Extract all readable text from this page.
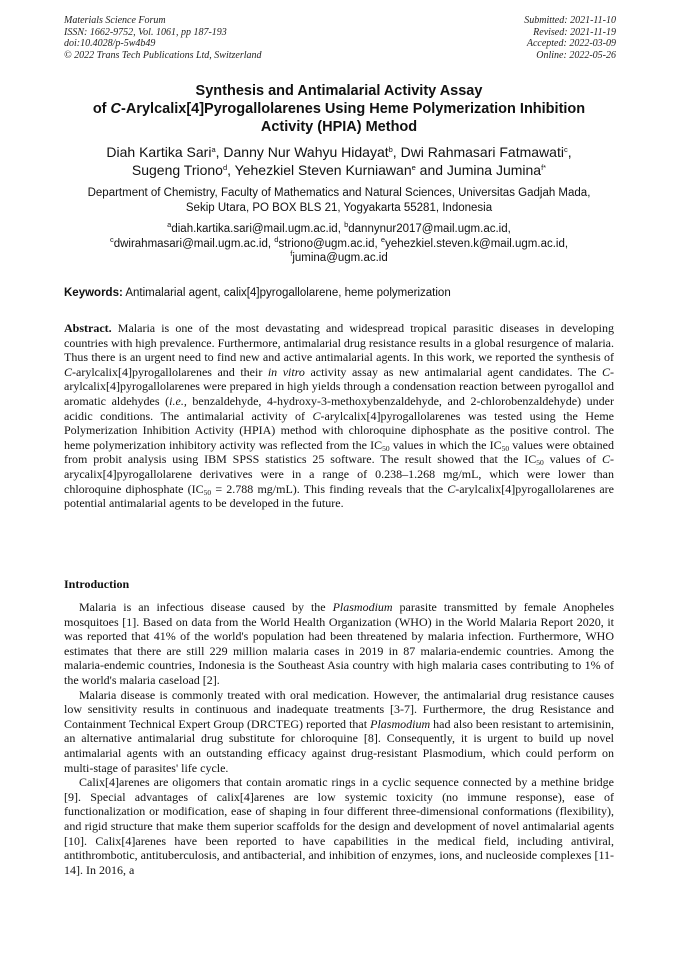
Materials Science Forum
ISSN: 1662-9752, Vol. 1061, pp 187-193
doi:10.4028/p-5w4b49
© 2022 Trans Tech Publications Ltd, Switzerland
Submitted: 2021-11-10
Revised: 2021-11-19
Accepted: 2022-03-09
Online: 2022-05-26
Synthesis and Antimalarial Activity Assay
of C-Arylcalix[4]Pyrogallolarenes Using Heme Polymerization Inhibition
Activity (HPIA) Method
Diah Kartika Sari$^a$, Danny Nur Wahyu Hidayat$^b$, Dwi Rahmasari Fatmawati$^c$,
Sugeng Triono$^d$, Yehezkiel Steven Kurniawan$^e$ and Jumina Jumina$^{f*}$
Department of Chemistry, Faculty of Mathematics and Natural Sciences, Universitas Gadjah Mada,
Sekip Utara, PO BOX BLS 21, Yogyakarta 55281, Indonesia
$^a$diah.kartika.sari@mail.ugm.ac.id, $^b$dannynur2017@mail.ugm.ac.id,
$^c$dwirahmasari@mail.ugm.ac.id, $^d$striono@ugm.ac.id, $^e$yehezkiel.steven.k@mail.ugm.ac.id,
$^f$jumina@ugm.ac.id
Keywords: Antimalarial agent, calix[4]pyrogallolarene, heme polymerization

Abstract. Malaria is one of the most devastating and widespread tropical parasitic diseases in developing countries with high prevalence. Furthermore, antimalarial drug resistance results in a global resurgence of malaria. Thus there is an urgent need to find new and active antimalarial agents. In this work, we reported the synthesis of C-arylcalix[4]pyrogallolarenes and their in vitro activity assay as new antimalarial agent candidates. The C-arylcalix[4]pyrogallolarenes were prepared in high yields through a condensation reaction between pyrogallol and aromatic aldehydes (i.e., benzaldehyde, 4-hydroxy-3-methoxybenzaldehyde, and 2-chlorobenzaldehyde) under acidic conditions. The antimalarial activity of C-arylcalix[4]pyrogallolarenes was tested using the Heme Polymerization Inhibition Activity (HPIA) method with chloroquine diphosphate as the positive control. The heme polymerization inhibitory activity was reflected from the $IC_{50}$ values in which the $IC_{50}$ values were obtained from probit analysis using IBM SPSS statistics 25 software. The result showed that the $IC_{50}$ values of C-arycalix[4]pyrogallolarene derivatives were in a range of 0.238–1.268 mg/mL, which were lower than chloroquine diphosphate ($IC_{50} = 2.788$ mg/mL). This finding reveals that the C-arylcalix[4]pyrogallolarenes are potential antimalarial agents to be developed in the future.

Introduction

Malaria is an infectious disease caused by the Plasmodium parasite transmitted by female Anopheles mosquitoes [1]. Based on data from the World Health Organization (WHO) in the World Malaria Report 2020, it was reported that 41% of the world's population had been threatened by malaria infection. Furthermore, WHO estimates that there are still 229 million malaria cases in 2019 in 87 malaria-endemic countries. Among the malaria-endemic countries, Indonesia is the Southeast Asia country with high malaria cases contributing to 1% of the world's malaria caseload [2].

Malaria disease is commonly treated with oral medication. However, the antimalarial drug resistance causes low sensitivity results in continuous and inadequate treatments [3-7]. Furthermore, the drug Resistance and Containment Technical Expert Group (DRCTEG) reported that Plasmodium had also been resistant to artemisinin, an alternative antimalarial drug substitute for chloroquine [8]. Consequently, it is urgent to build up novel antimalarial agents with an outstanding efficacy against drug-resistant Plasmodium, which could perform on multi-stage of parasites' life cycle.

Calix[4]arenes are oligomers that contain aromatic rings in a cyclic sequence connected by a methine bridge [9]. Special advantages of calix[4]arenes are low systemic toxicity (no immune response), ease of functionalization or modification, ease of shaping in four different three-dimensional conformations (flexibility), and rigid structure that make them superior scaffolds for the design and development of novel antimalarial agents [10]. Calix[4]arenes have been reported to have capabilities in the medical field, including antiviral, antithrombotic, antituberculosis, and antibacterial, and inhibition of enzymes, ions, and nucleoside complexes [11-14]. In 2016, a
